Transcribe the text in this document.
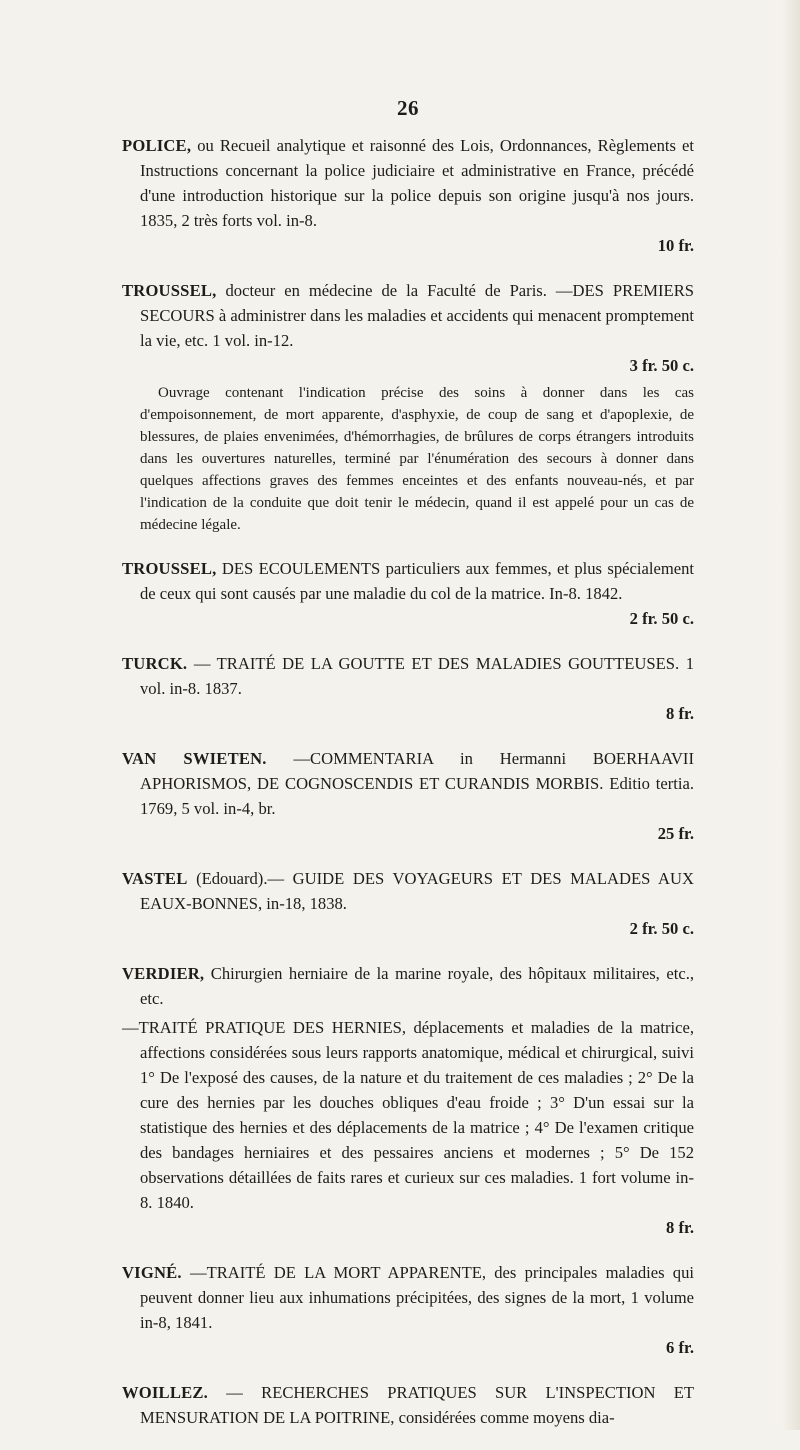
26

POLICE, ou Recueil analytique et raisonné des Lois, Ordonnances, Règlements et Instructions concernant la police judiciaire et administrative en France, précédé d'une introduction historique sur la police depuis son origine jusqu'à nos jours. 1835, 2 très forts vol. in-8.

10 fr.

TROUSSEL, docteur en médecine de la Faculté de Paris. —DES PREMIERS SECOURS à administrer dans les maladies et accidents qui menacent promptement la vie, etc. 1 vol. in-12.

3 fr. 50 c.

Ouvrage contenant l'indication précise des soins à donner dans les cas d'empoisonnement, de mort apparente, d'asphyxie, de coup de sang et d'apoplexie, de blessures, de plaies envenimées, d'hémorrhagies, de brûlures de corps étrangers introduits dans les ouvertures naturelles, terminé par l'énumération des secours à donner dans quelques affections graves des femmes enceintes et des enfants nouveau-nés, et par l'indication de la conduite que doit tenir le médecin, quand il est appelé pour un cas de médecine légale.

TROUSSEL, DES ECOULEMENTS particuliers aux femmes, et plus spécialement de ceux qui sont causés par une maladie du col de la matrice. In-8. 1842.

2 fr. 50 c.

TURCK. — TRAITÉ DE LA GOUTTE ET DES MALADIES GOUTTEUSES. 1 vol. in-8. 1837.

8 fr.

VAN SWIETEN. —COMMENTARIA in Hermanni BOERHAAVII APHORISMOS, DE COGNOSCENDIS ET CURANDIS MORBIS. Editio tertia. 1769, 5 vol. in-4, br.

25 fr.

VASTEL (Edouard).— GUIDE DES VOYAGEURS ET DES MALADES AUX EAUX-BONNES, in-18, 1838.

2 fr. 50 c.

VERDIER, Chirurgien herniaire de la marine royale, des hôpitaux militaires, etc., etc.

—TRAITÉ PRATIQUE DES HERNIES, déplacements et maladies de la matrice, affections considérées sous leurs rapports anatomique, médical et chirurgical, suivi 1° De l'exposé des causes, de la nature et du traitement de ces maladies ; 2° De la cure des hernies par les douches obliques d'eau froide ; 3° D'un essai sur la statistique des hernies et des déplacements de la matrice ; 4° De l'examen critique des bandages herniaires et des pessaires anciens et modernes ; 5° De 152 observations détaillées de faits rares et curieux sur ces maladies. 1 fort volume in-8. 1840.

8 fr.

VIGNÉ. —TRAITÉ DE LA MORT APPARENTE, des principales maladies qui peuvent donner lieu aux inhumations précipitées, des signes de la mort, 1 volume in-8, 1841.

6 fr.

WOILLEZ. — RECHERCHES PRATIQUES SUR L'INSPECTION ET MENSURATION DE LA POITRINE, considérées comme moyens dia-
